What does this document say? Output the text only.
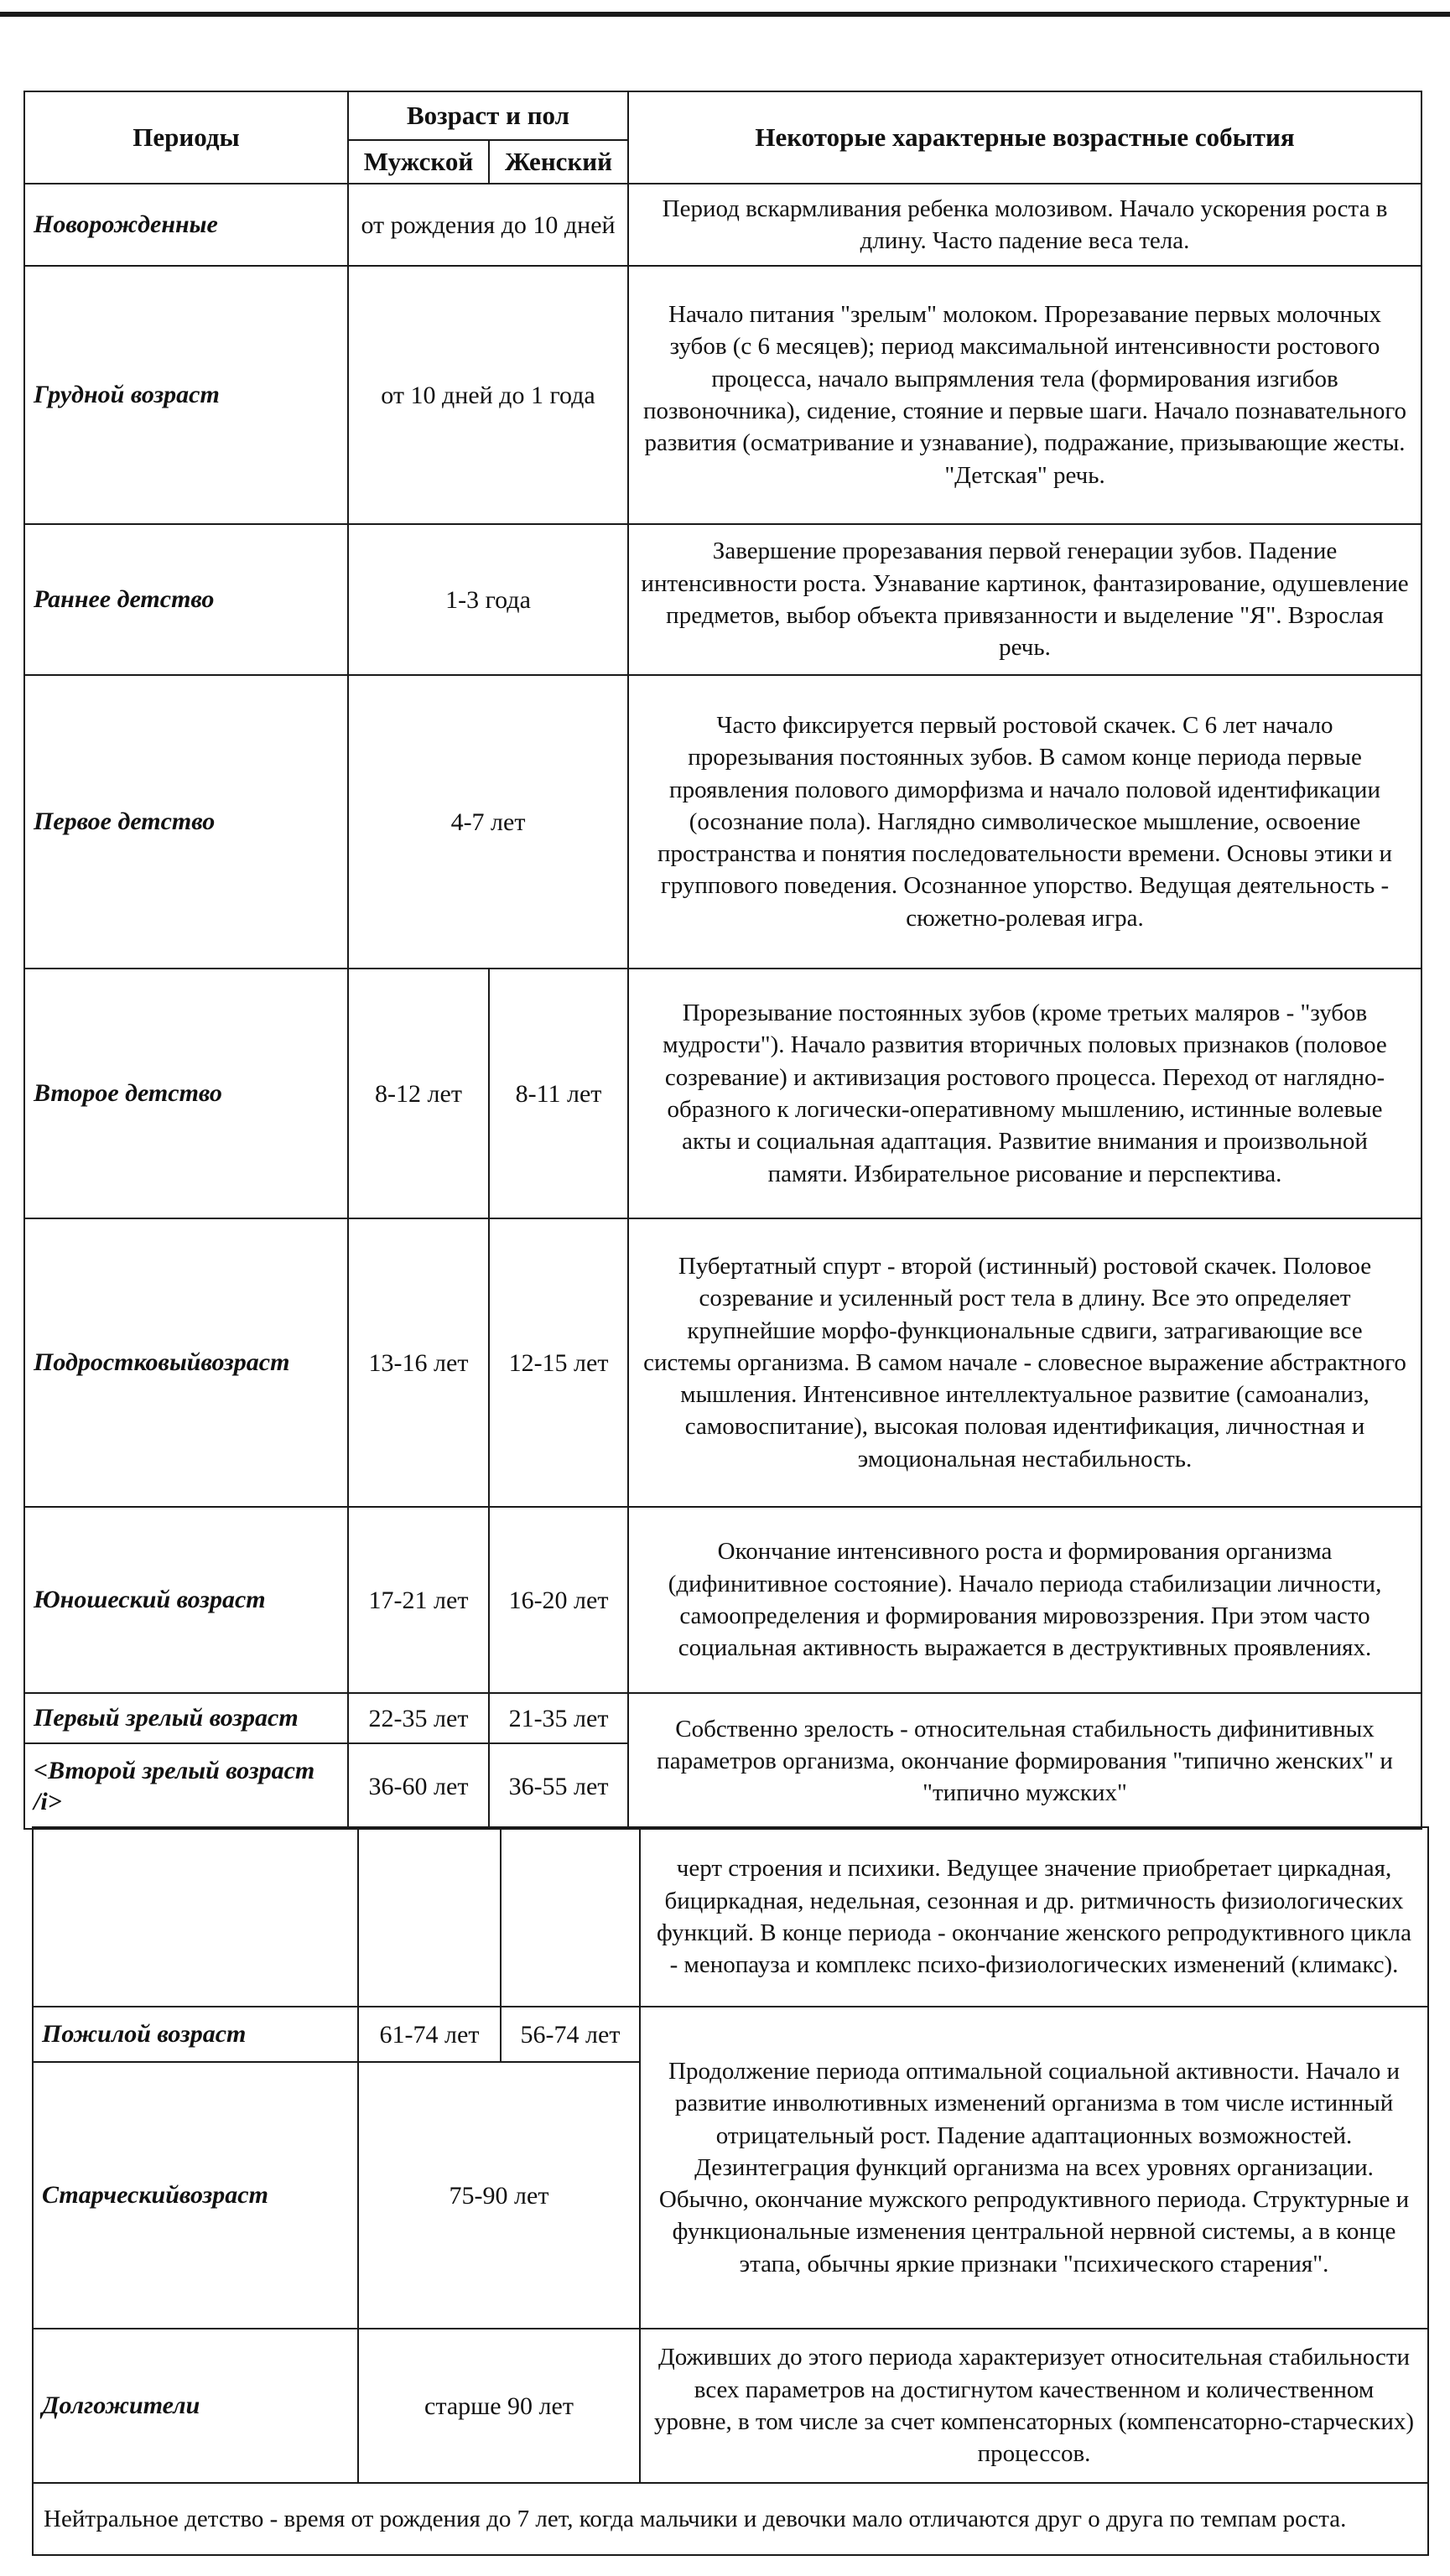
Периоды	Возраст и пол		Некоторые характерные возрастные события
	Мужской	Женский	
Новорожденные	от рождения до 10 дней		Период вскармливания ребенка молозивом. Начало ускорения роста в длину. Часто падение веса тела.
Грудной возраст	от 10 дней до 1 года		Начало питания "зрелым" молоком. Прорезавание первых молочных зубов (с 6 месяцев); период максимальной интенсивности ростового процесса, начало выпрямления тела (формирования изгибов позвоночника), сидение, стояние и первые шаги. Начало познавательного развития (осматривание и узнавание), подражание, призывающие жесты. "Детская" речь.
Раннее детство	1-3 года		Завершение прорезавания первой генерации зубов. Падение интенсивности роста. Узнавание картинок, фантазирование, одушевление предметов, выбор объекта привязанности и выделение "Я". Взрослая речь.
Первое детство	4-7 лет		Часто фиксируется первый ростовой скачек. С 6 лет начало прорезывания постоянных зубов. В самом конце периода первые проявления полового диморфизма и начало половой идентификации (осознание пола). Наглядно символическое мышление, освоение пространства и понятия последовательности времени. Основы этики и группового поведения. Осознанное упорство. Ведущая деятельность - сюжетно-ролевая игра.
Второе детство	8-12 лет	8-11 лет	Прорезывание постоянных зубов (кроме третьих маляров - "зубов мудрости"). Начало развития вторичных половых признаков (половое созревание) и активизация ростового процесса. Переход от наглядно-образного к логически-оперативному мышлению, истинные волевые акты и социальная адаптация. Развитие внимания и произвольной памяти. Избирательное рисование и перспектива.
Подростковыйвозраст	13-16 лет	12-15 лет	Пубертатный спурт - второй (истинный) ростовой скачек. Половое созревание и усиленный рост тела в длину. Все это определяет крупнейшие морфо-функциональные сдвиги, затрагивающие все системы организма. В самом начале - словесное выражение абстрактного мышления. Интенсивное интеллектуальное развитие (самоанализ, самовоспитание), высокая половая идентификация, личностная и эмоциональная нестабильность.
Юношеский возраст	17-21 лет	16-20 лет	Окончание интенсивного роста и формирования организма (дифинитивное состояние). Начало периода стабилизации личности, самоопределения и формирования мировоззрения. При этом часто социальная активность выражается в деструктивных проявлениях.
Первый зрелый возраст	22-35 лет	21-35 лет	Собственно зрелость - относительная стабильность дифинитивных параметров организма, окончание формирования "типично женских" и "типично мужских"
<Второй зрелый возраст /i>	36-60 лет	36-55 лет	
			черт строения и психики. Ведущее значение приобретает циркадная, бициркадная, недельная, сезонная и др. ритмичность физиологических функций. В конце периода - окончание женского репродуктивного цикла - менопауза и комплекс психо-физиологических изменений (климакс).
Пожилой возраст	61-74 лет	56-74 лет	Продолжение периода оптимальной социальной активности. Начало и развитие инволютивных изменений организма в том числе истинный отрицательный рост. Падение адаптационных возможностей. Дезинтеграция функций организма на всех уровнях организации. Обычно, окончание мужского репродуктивного периода. Структурные и функциональные изменения центральной нервной системы, а в конце этапа, обычны яркие признаки "психического старения".
Старческийвозраст	75-90 лет		
Долгожители	старше 90 лет		Доживших до этого периода характеризует относительная стабильности всех параметров на достигнутом качественном и количественном уровне, в том числе за счет компенсаторных (компенсаторно-старческих) процессов.
Нейтральное детство - время от рождения до 7 лет, когда мальчики и девочки мало отличаются друг о друга по темпам роста.			
